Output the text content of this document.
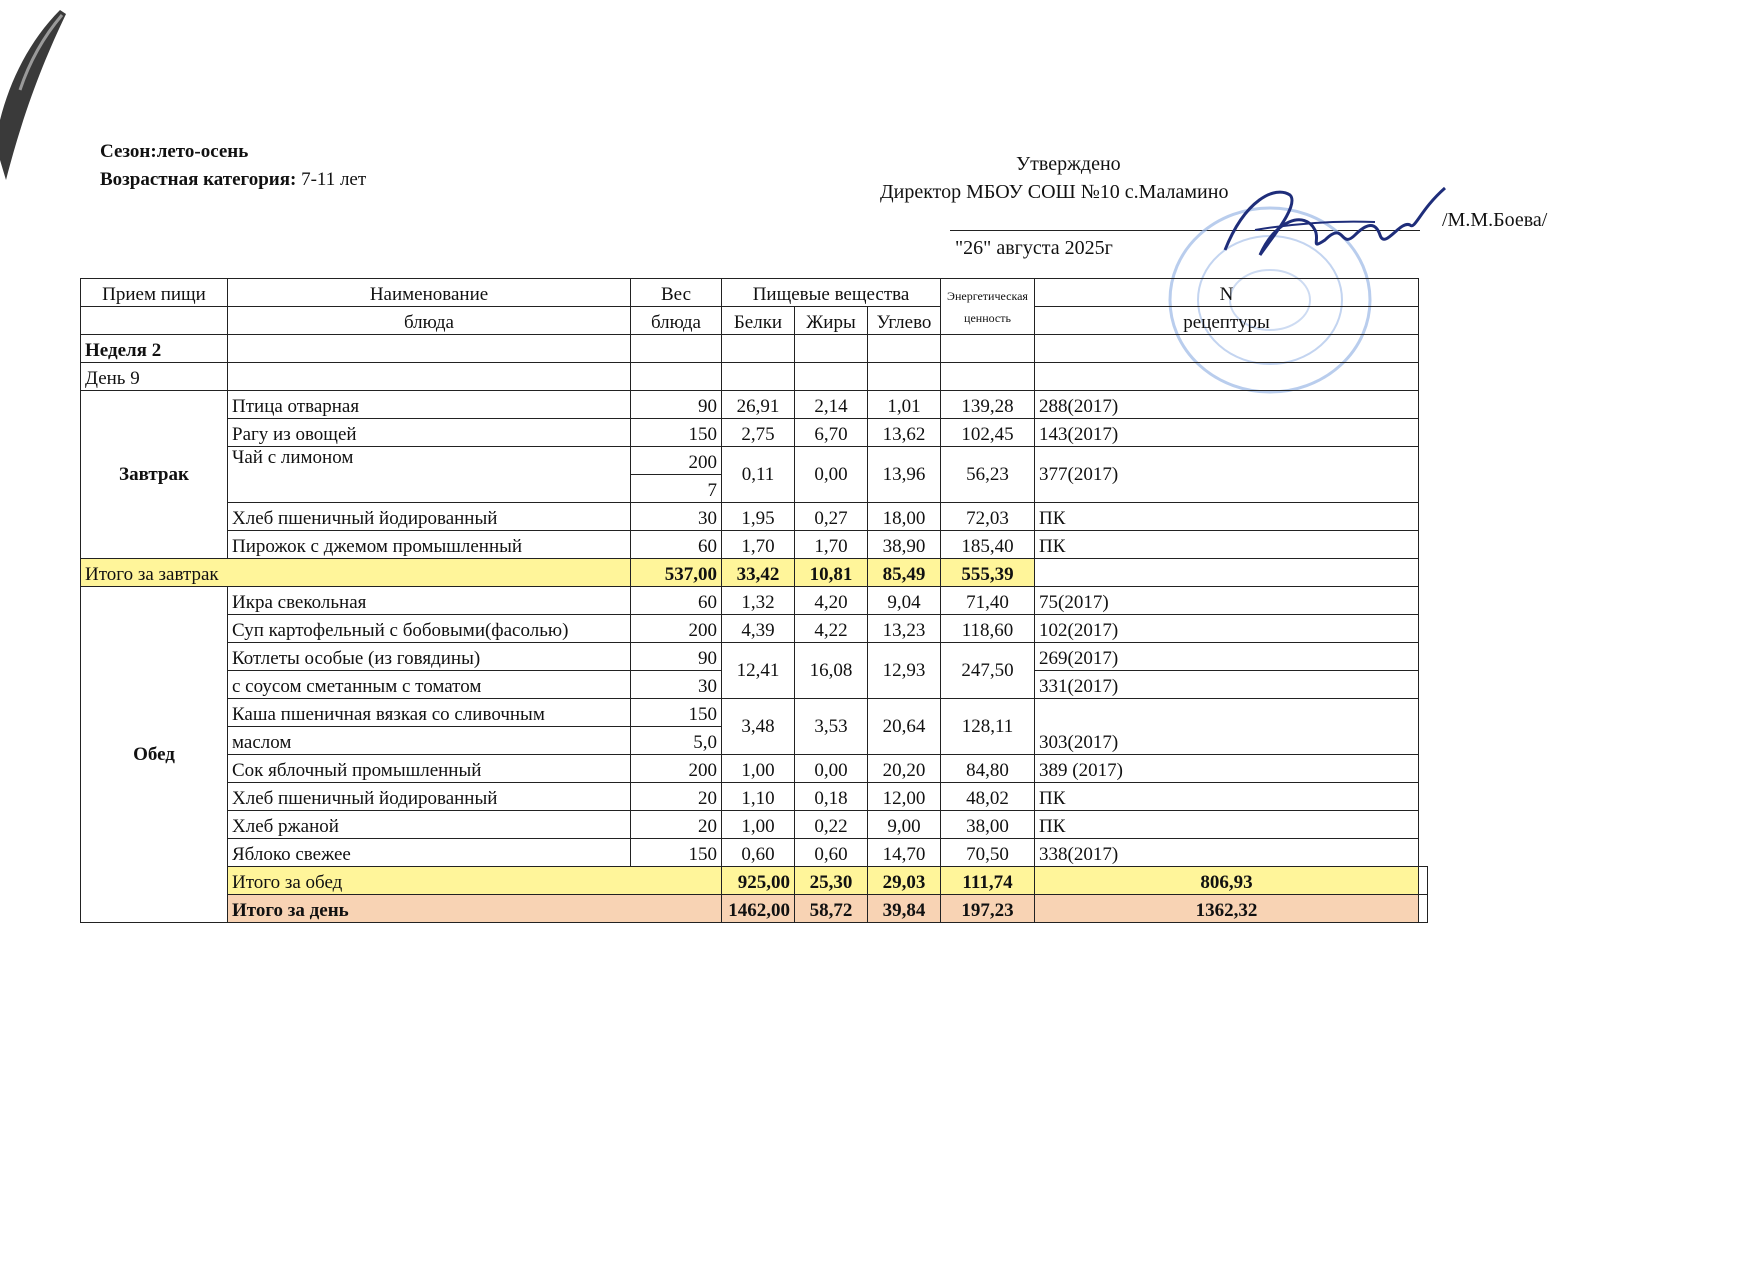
Сезон:лето-осень
Возрастная категория: 7-11 лет
Утверждено
Директор МБОУ СОШ №10 с.Маламино
/М.М.Боева/
"26" августа 2025г
Прием пищи	Наименование	Вес	Пищевые вещества			Энергетическая ценность	N	
	блюда	блюда	Белки	Жиры	Углево		рецептуры	
Неделя 2								
День 9								
Завтрак	Птица отварная	90	26,91	2,14	1,01	139,28	288(2017)	
	Рагу из овощей	150	2,75	6,70	13,62	102,45	143(2017)	
	Чай с лимоном	200	0,11	0,00	13,96	56,23	377(2017)	
		7						
	Хлеб пшеничный йодированный	30	1,95	0,27	18,00	72,03	ПК	
	Пирожок с джемом промышленный	60	1,70	1,70	38,90	185,40	ПК	
Итого за завтрак		537,00	33,42	10,81	85,49	555,39		
Обед	Икра свекольная	60	1,32	4,20	9,04	71,40	75(2017)	
	Суп картофельный с бобовыми(фасолью)	200	4,39	4,22	13,23	118,60	102(2017)	
	Котлеты особые (из говядины)	90	12,41	16,08	12,93	247,50	269(2017)	
	с соусом сметанным с томатом	30					331(2017)	
	Каша пшеничная вязкая со сливочным	150	3,48	3,53	20,64	128,11	303(2017)	
	маслом	5,0						
	Сок яблочный промышленный	200	1,00	0,00	20,20	84,80	389 (2017)	
	Хлеб пшеничный йодированный	20	1,10	0,18	12,00	48,02	ПК	
	Хлеб ржаной	20	1,00	0,22	9,00	38,00	ПК	
	Яблоко свежее	150	0,60	0,60	14,70	70,50	338(2017)	
	Итого за обед		925,00	25,30	29,03	111,74	806,93	
	Итого за день		1462,00	58,72	39,84	197,23	1362,32	
